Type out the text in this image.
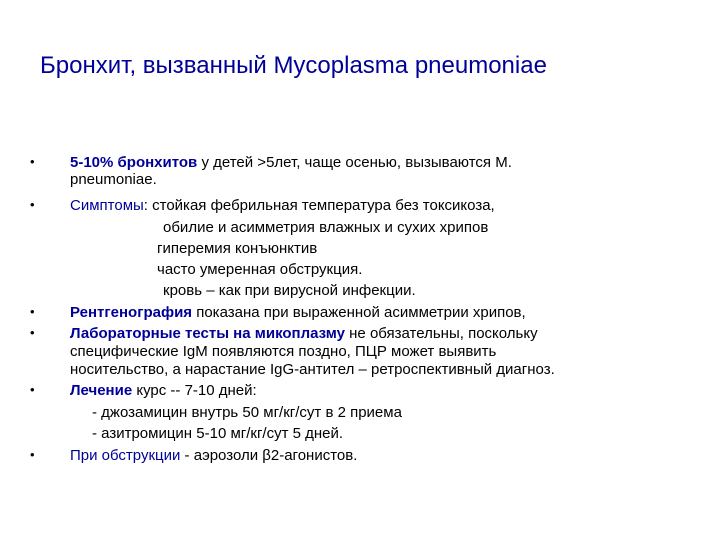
Бронхит, вызванный Mycoplasma pneumoniae
• 5-10% бронхитов у детей >5лет, чаще осенью, вызываются M.
pneumoniae.
• Симптомы: стойкая фебрильная температура без токсикоза,
обилие и асимметрия влажных и сухих хрипов
гиперемия конъюнктив
часто умеренная обструкция.
кровь – как при вирусной инфекции.
• Рентгенография показана при выраженной асимметрии хрипов,
• Лабораторные тесты на микоплазму не обязательны, поскольку
специфические IgM появляются поздно, ПЦР может выявить
носительство, а нарастание IgG-антител – ретроспективный диагноз.
• Лечение курс -- 7-10 дней:
- джозамицин внутрь 50 мг/кг/сут в 2 приема
- азитромицин 5-10 мг/кг/сут 5 дней.
• При обструкции - аэрозоли β2-агонистов.
